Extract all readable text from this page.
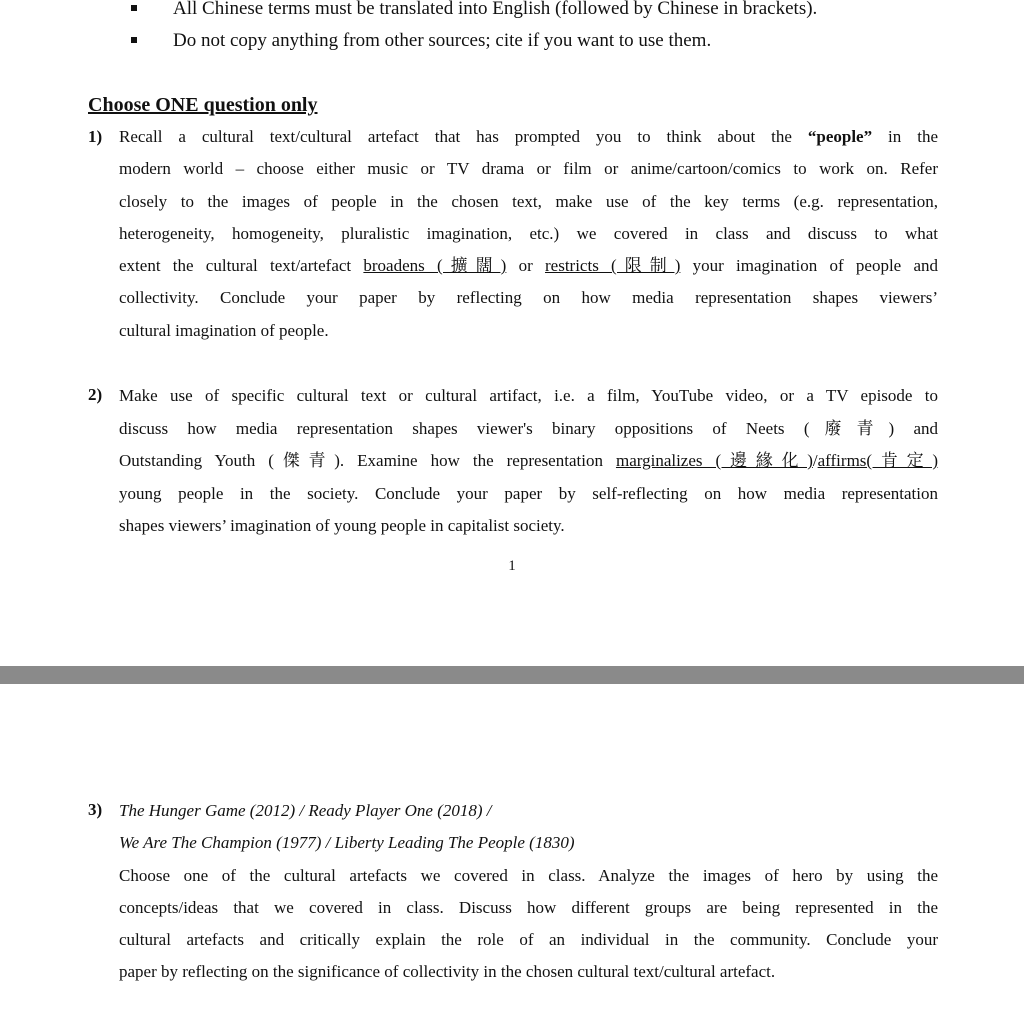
All Chinese terms must be translated into English (followed by Chinese in brackets).
Do not copy anything from other sources; cite if you want to use them.
Choose ONE question only
1) Recall a cultural text/cultural artefact that has prompted you to think about the “people” in the
modern world – choose either music or TV drama or film or anime/cartoon/comics to work on. Refer
closely to the images of people in the chosen text, make use of the key terms (e.g. representation,
heterogeneity, homogeneity, pluralistic imagination, etc.) we covered in class and discuss to what
extent the cultural text/artefact broadens (擴闊) or restricts (限制) your imagination of people and
collectivity. Conclude your paper by reflecting on how media representation shapes viewers’
cultural imagination of people.
2) Make use of specific cultural text or cultural artifact, i.e. a film, YouTube video, or a TV episode to
discuss how media representation shapes viewer's binary oppositions of Neets (廢青) and
Outstanding Youth (傑青). Examine how the representation marginalizes (邊緣化)/affirms(肯定)
young people in the society. Conclude your paper by self-reflecting on how media representation
shapes viewers’ imagination of young people in capitalist society.
1
3) The Hunger Game (2012) / Ready Player One (2018) /
We Are The Champion (1977) / Liberty Leading The People (1830)
Choose one of the cultural artefacts we covered in class. Analyze the images of hero by using the
concepts/ideas that we covered in class. Discuss how different groups are being represented in the
cultural artefacts and critically explain the role of an individual in the community. Conclude your
paper by reflecting on the significance of collectivity in the chosen cultural text/cultural artefact.
